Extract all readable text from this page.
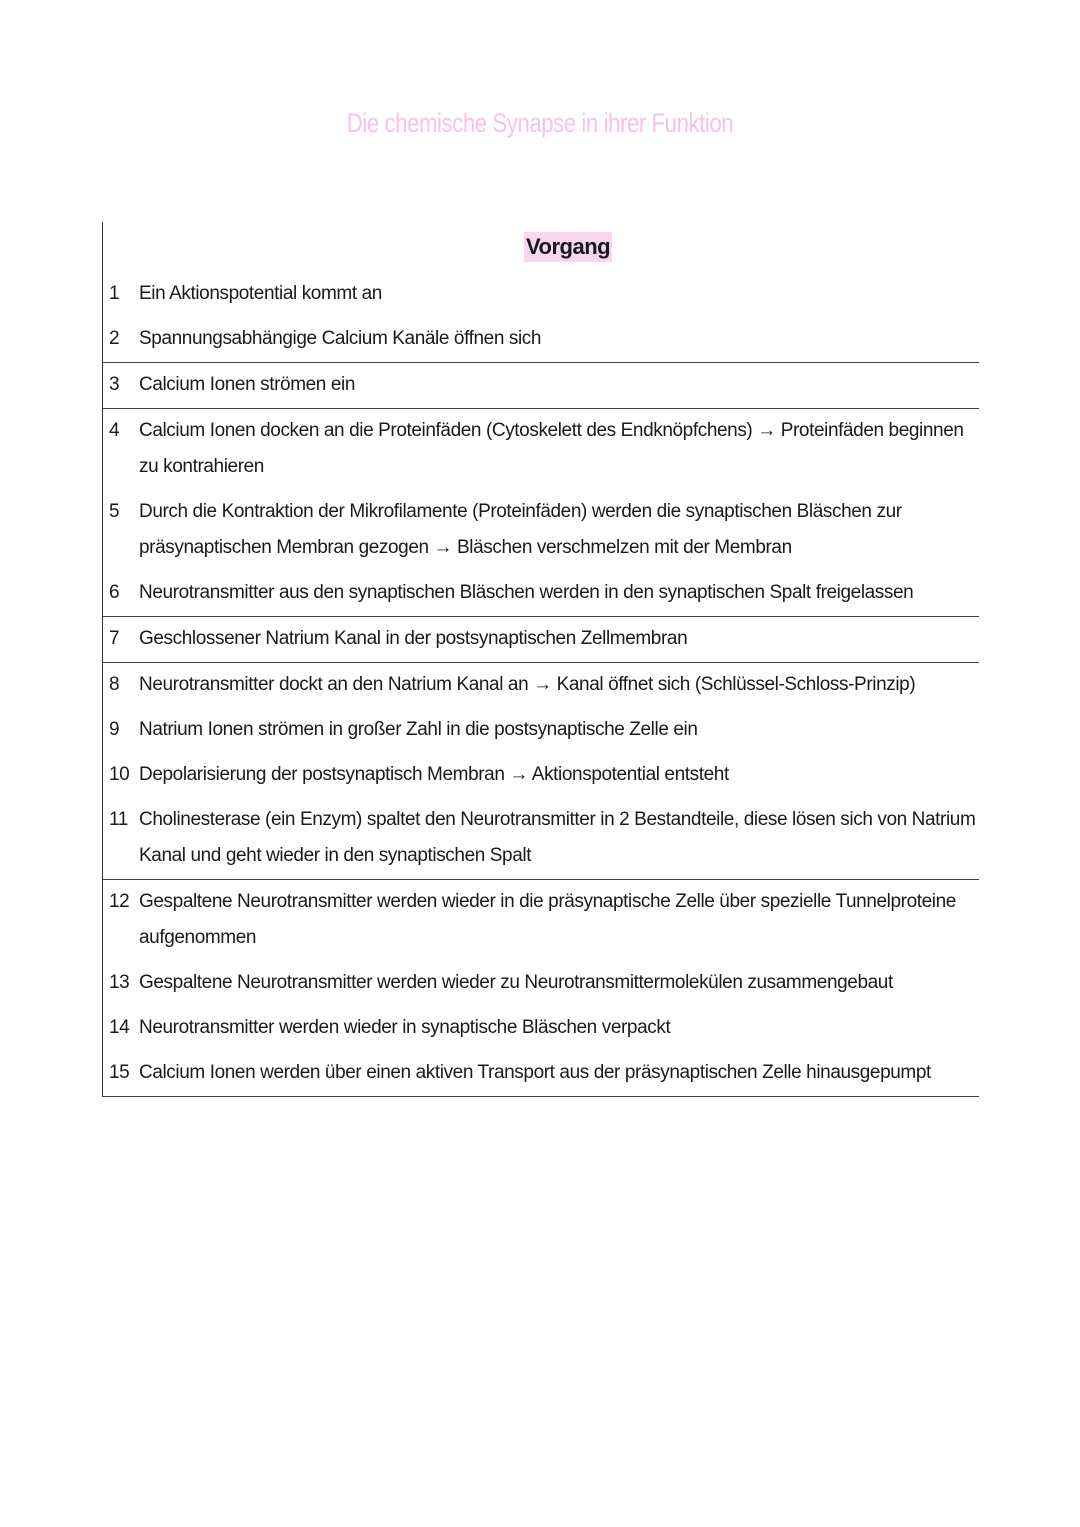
Die chemische Synapse in ihrer Funktion
Vorgang
1	Ein Aktionspotential kommt an
2	Spannungsabhängige Calcium Kanäle öffnen sich
3	Calcium Ionen strömen ein
4	Calcium Ionen docken an die Proteinfäden (Cytoskelett des Endknöpfchens) → Proteinfäden beginnen zu kontrahieren
5	Durch die Kontraktion der Mikrofilamente (Proteinfäden) werden die synaptischen Bläschen zur präsynaptischen Membran gezogen → Bläschen verschmelzen mit der Membran
6	Neurotransmitter aus den synaptischen Bläschen werden in den synaptischen Spalt freigelassen
7	Geschlossener Natrium Kanal in der postsynaptischen Zellmembran
8	Neurotransmitter dockt an den Natrium Kanal an → Kanal öffnet sich (Schlüssel-Schloss-Prinzip)
9	Natrium Ionen strömen in großer Zahl in die postsynaptische Zelle ein
10 Depolarisierung der postsynaptisch Membran → Aktionspotential entsteht
11 Cholinesterase (ein Enzym) spaltet den Neurotransmitter in 2 Bestandteile, diese lösen sich von Natrium Kanal und geht wieder in den synaptischen Spalt
12 Gespaltene Neurotransmitter werden wieder in die präsynaptische Zelle über spezielle Tunnelproteine aufgenommen
13 Gespaltene Neurotransmitter werden wieder zu Neurotransmittermolekülen zusammengebaut
14 Neurotransmitter werden wieder in synaptische Bläschen verpackt
15 Calcium Ionen werden über einen aktiven Transport aus der präsynaptischen Zelle hinausgepumpt
